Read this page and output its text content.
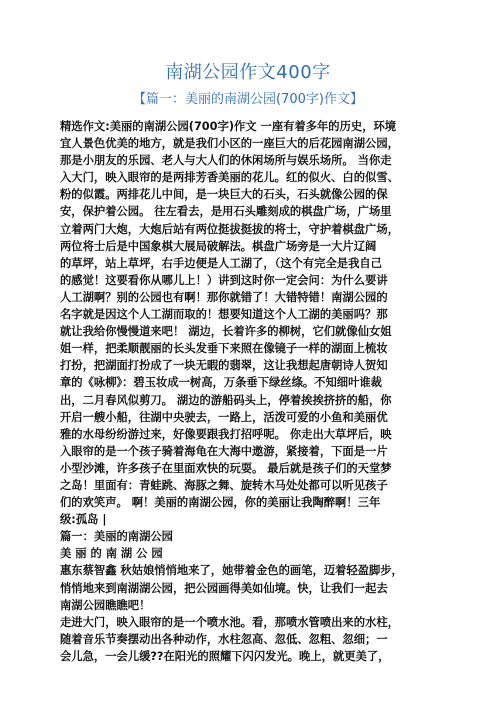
南湖公园作文400字
【篇一：美丽的南湖公园(700字)作文】
精选作文:美丽的南湖公园(700字)作文 一座有着多年的历史，环境
宜人景色优美的地方，就是我们小区的一座巨大的后花园南湖公园，
那是小朋友的乐园、老人与大人们的休闲场所与娱乐场所。 当你走
入大门，映入眼帘的是两排芳香美丽的花儿。红的似火、白的似雪、
粉的似霞。两排花儿中间，是一块巨大的石头，石头就像公园的保
安，保护着公园。 往左看去，是用石头雕刻成的棋盘广场，广场里
立着两门大炮，大炮后站有两位挺拔挺拔的将士，守护着棋盘广场，
两位将士后是中国象棋大展局破解法。棋盘广场旁是一大片辽阔
的草坪，站上草坪，右手边便是人工湖了，（这个有完全是我自己
的感觉！这要看你从哪儿上！）讲到这时你一定会问：为什么要讲
人工湖啊？别的公园也有啊！那你就错了！大错特错！南湖公园的
名字就是因这个人工湖而取的！想要知道这个人工湖的美丽吗？那
就让我给你慢慢道来吧！ 湖边，长着许多的柳树，它们就像仙女姐
姐一样，把柔顺靓丽的长头发垂下来照在像镜子一样的湖面上梳妆
打扮，把湖面打扮成了一块无暇的翡翠，这让我想起唐朝诗人贺知
章的《咏柳》：碧玉妆成一树高，万条垂下绿丝绦。不知细叶谁裁
出，二月春风似剪刀。 湖边的游船码头上，停着挨挨挤挤的船，你
开启一艘小船，往湖中央驶去，一路上，活泼可爱的小鱼和美丽优
雅的水母纷纷游过来，好像要跟我打招呼呢。 你走出大草坪后，映
入眼帘的是一个孩子骑着海龟在大海中遨游，紧接着，下面是一片
小型沙滩，许多孩子在里面欢快的玩耍。 最后就是孩子们的天堂梦
之岛！里面有：青蛙跳、海豚之舞、旋转木马处处都可以听见孩子
们的欢笑声。 啊！美丽的南湖公园，你的美丽让我陶醉啊！三年
级:孤岛 |
篇一：美丽的南湖公园
美 丽 的 南 湖 公 园
惠东蔡智鑫 秋姑娘悄悄地来了，她带着金色的画笔，迈着轻盈脚步，
悄悄地来到南湖湖公园，把公园画得美如仙境。快，让我们一起去
南湖公园瞧瞧吧！
走进大门，映入眼帘的是一个喷水池。看，那喷水管喷出来的水柱，
随着音乐节奏摆动出各种动作，水柱忽高、忽低、忽粗、忽细；一
会儿急，一会儿缓??在阳光的照耀下闪闪发光。晚上，就更美了，
